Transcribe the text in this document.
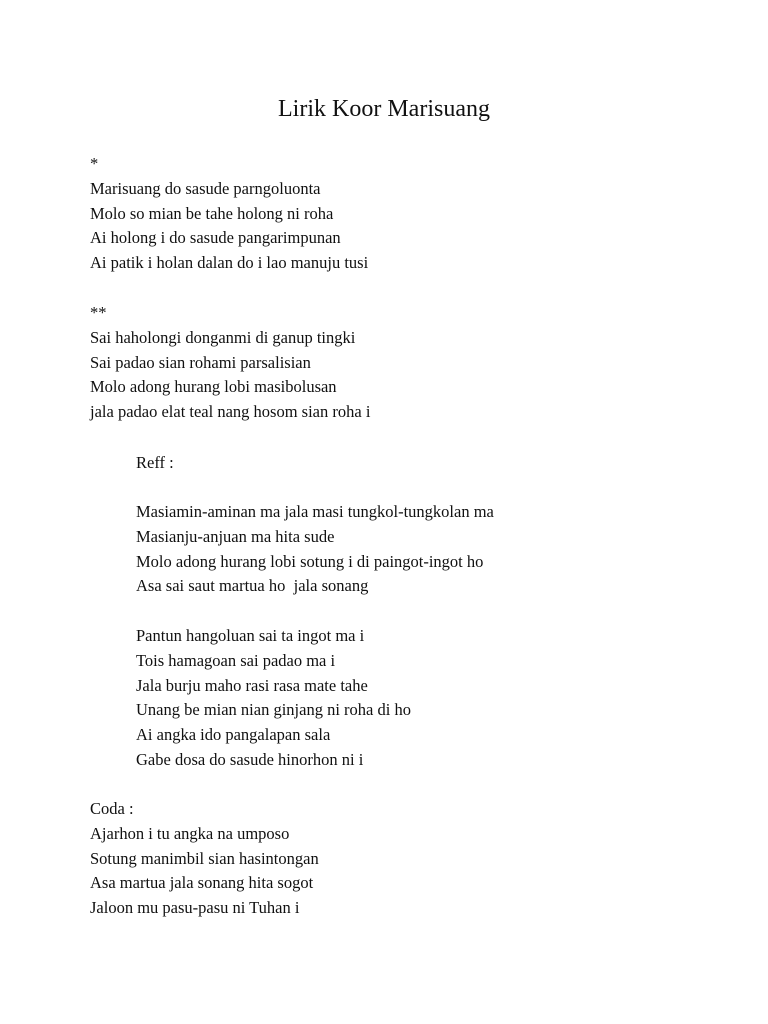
Lirik Koor Marisuang
*
Marisuang do sasude parngoluonta
Molo so mian be tahe holong ni roha
Ai holong i do sasude pangarimpunan
Ai patik i holan dalan do i lao manuju tusi
**
Sai haholongi donganmi di ganup tingki
Sai padao sian rohami parsalisian
Molo adong hurang lobi masibolusan
jala padao elat teal nang hosom sian roha i
Reff :
Masiamin-aminan ma jala masi tungkol-tungkolan ma
Masianju-anjuan ma hita sude
Molo adong hurang lobi sotung i di paingot-ingot ho
Asa sai saut martua ho  jala sonang
Pantun hangoluan sai ta ingot ma i
Tois hamagoan sai padao ma i
Jala burju maho rasi rasa mate tahe
Unang be mian nian ginjang ni roha di ho
Ai angka ido pangalapan sala
Gabe dosa do sasude hinorhon ni i
Coda :
Ajarhon i tu angka na umposo
Sotung manimbil sian hasintongan
Asa martua jala sonang hita sogot
Jaloon mu pasu-pasu ni Tuhan i
